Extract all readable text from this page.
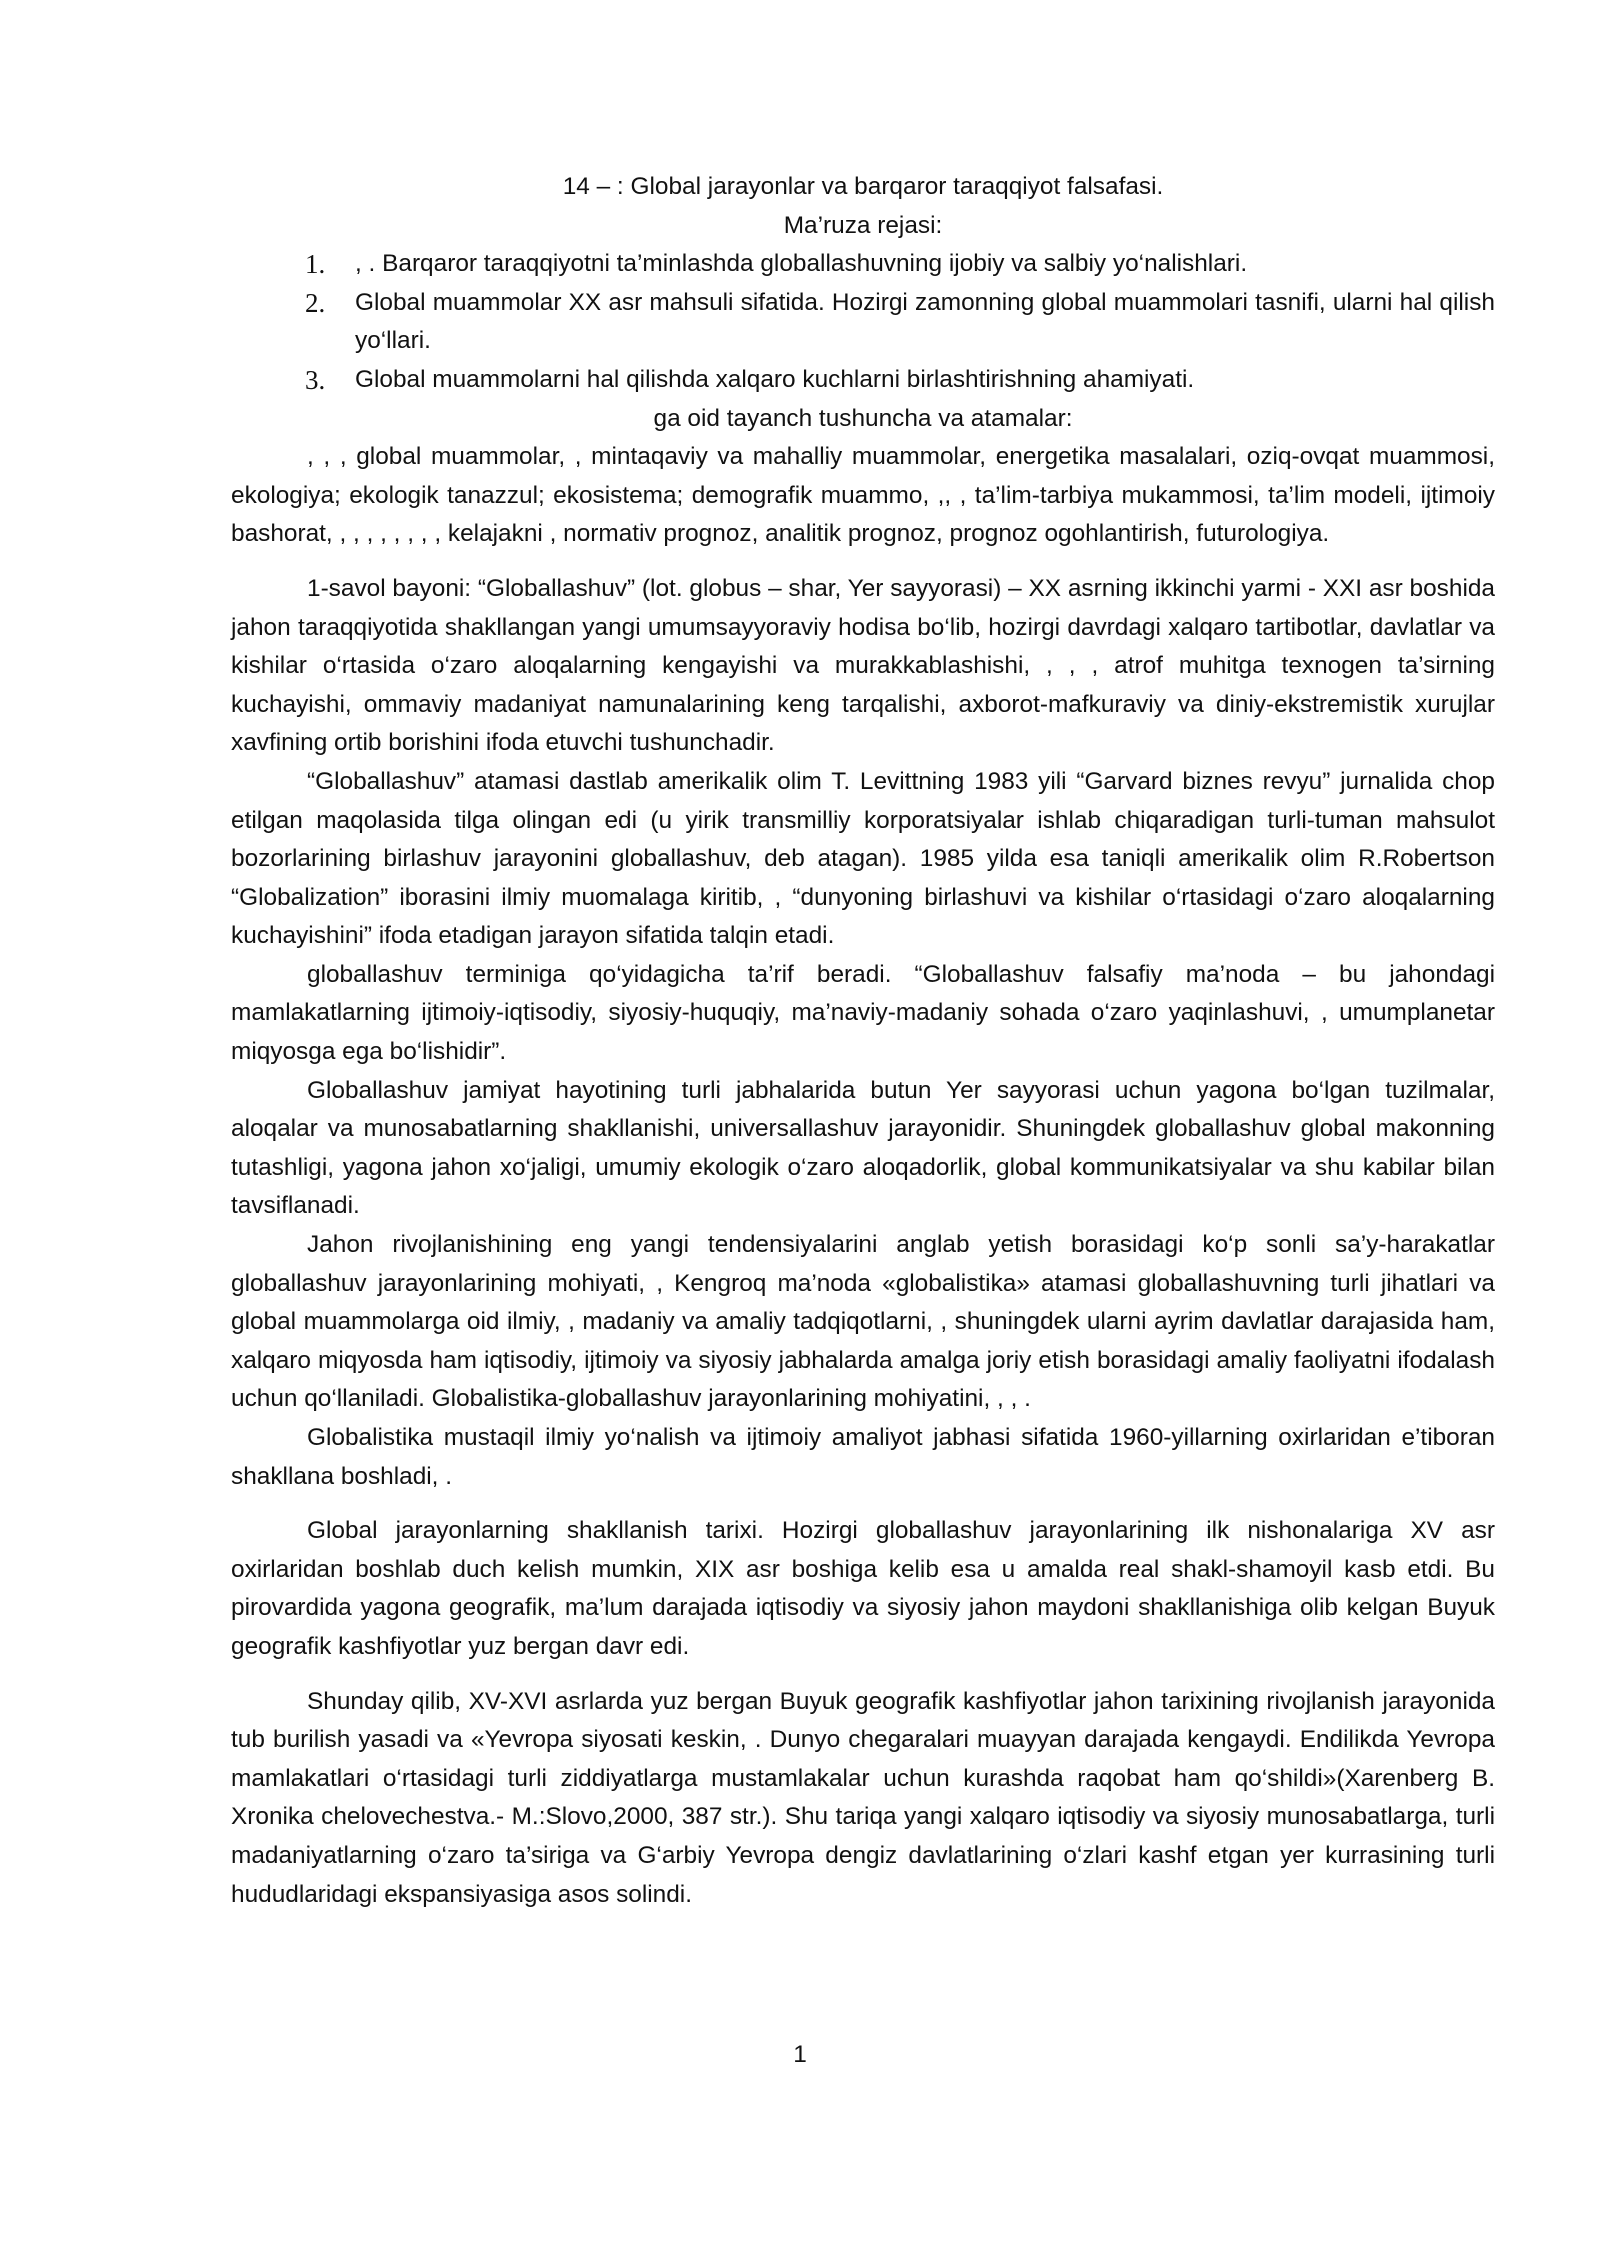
14 – : Global jarayonlar va barqaror taraqqiyot falsafasi.
Ma’ruza rejasi:
1. , . Barqaror taraqqiyotni ta’minlashda globallashuvning ijobiy va salbiy yo‘nalishlari.
2. Global muammolar XX asr mahsuli sifatida. Hozirgi zamonning global muammolari tasnifi, ularni hal qilish yo‘llari.
3. Global muammolarni hal qilishda xalqaro kuchlarni birlashtirishning ahamiyati.
ga oid tayanch tushuncha va atamalar:

, , , global muammolar, , mintaqaviy va mahalliy muammolar, energetika masalalari, oziq-ovqat muammosi, ekologiya; ekologik tanazzul; ekosistema; demografik muammo, ,, , ta’lim-tarbiya mukammosi, ta’lim modeli, ijtimoiy bashorat, , , , , , , , , kelajakni , normativ prognoz, analitik prognoz, prognoz ogohlantirish, futurologiya.

1-savol bayoni: “Globallashuv” (lot. globus – shar, Yer sayyorasi) – XX asrning ikkinchi yarmi - XXI asr boshida jahon taraqqiyotida shakllangan yangi umumsayyoraviy hodisa bo‘lib, hozirgi davrdagi xalqaro tartibotlar, davlatlar va kishilar o‘rtasida o‘zaro aloqalarning kengayishi va murakkablashishi, , , , atrof muhitga texnogen ta’sirning kuchayishi, ommaviy madaniyat namunalarining keng tarqalishi, axborot-mafkuraviy va diniy-ekstremistik xurujlar xavfining ortib borishini ifoda etuvchi tushunchadir.

“Globallashuv” atamasi dastlab amerikalik olim T. Levittning 1983 yili “Garvard biznes revyu” jurnalida chop etilgan maqolasida tilga olingan edi (u yirik transmilliy korporatsiyalar ishlab chiqaradigan turli-tuman mahsulot bozorlarining birlashuv jarayonini globallashuv, deb atagan). 1985 yilda esa taniqli amerikalik olim R.Robertson “Globalization” iborasini ilmiy muomalaga kiritib, , “dunyoning birlashuvi va kishilar o‘rtasidagi o‘zaro aloqalarning kuchayishini” ifoda etadigan jarayon sifatida talqin etadi.

globallashuv terminiga qo‘yidagicha ta’rif beradi. “Globallashuv falsafiy ma’noda – bu jahondagi mamlakatlarning ijtimoiy-iqtisodiy, siyosiy-huquqiy, ma’naviy-madaniy sohada o‘zaro yaqinlashuvi, , umumplanetar miqyosga ega bo‘lishidir”.

Globallashuv jamiyat hayotining turli jabhalarida butun Yer sayyorasi uchun yagona bo‘lgan tuzilmalar, aloqalar va munosabatlarning shakllanishi, universallashuv jarayonidir. Shuningdek globallashuv global makonning tutashligi, yagona jahon xo‘jaligi, umumiy ekologik o‘zaro aloqadorlik, global kommunikatsiyalar va shu kabilar bilan tavsiflanadi.

Jahon rivojlanishining eng yangi tendensiyalarini anglab yetish borasidagi ko‘p sonli sa’y-harakatlar globallashuv jarayonlarining mohiyati, , Kengroq ma’noda «globalistika» atamasi globallashuvning turli jihatlari va global muammolarga oid ilmiy, , madaniy va amaliy tadqiqotlarni, , shuningdek ularni ayrim davlatlar darajasida ham, xalqaro miqyosda ham iqtisodiy, ijtimoiy va siyosiy jabhalarda amalga joriy etish borasidagi amaliy faoliyatni ifodalash uchun qo‘llaniladi. Globalistika-globallashuv jarayonlarining mohiyatini, , , .

Globalistika mustaqil ilmiy yo‘nalish va ijtimoiy amaliyot jabhasi sifatida 1960-yillarning oxirlaridan e’tiboran shakllana boshladi, .

Global jarayonlarning shakllanish tarixi. Hozirgi globallashuv jarayonlarining ilk nishonalariga XV asr oxirlaridan boshlab duch kelish mumkin, XIX asr boshiga kelib esa u amalda real shakl-shamoyil kasb etdi. Bu pirovardida yagona geografik, ma’lum darajada iqtisodiy va siyosiy jahon maydoni shakllanishiga olib kelgan Buyuk geografik kashfiyotlar yuz bergan davr edi.

Shunday qilib, XV-XVI asrlarda yuz bergan Buyuk geografik kashfiyotlar jahon tarixining rivojlanish jarayonida tub burilish yasadi va «Yevropa siyosati keskin, . Dunyo chegaralari muayyan darajada kengaydi. Endilikda Yevropa mamlakatlari o‘rtasidagi turli ziddiyatlarga mustamlakalar uchun kurashda raqobat ham qo‘shildi»(Xarenberg B. Xronika chelovechestva.- M.:Slovo,2000, 387 str.). Shu tariqa yangi xalqaro iqtisodiy va siyosiy munosabatlarga, turli madaniyatlarning o‘zaro ta’siriga va G‘arbiy Yevropa dengiz davlatlarining o‘zlari kashf etgan yer kurrasining turli hududlaridagi ekspansiyasiga asos solindi.

1
